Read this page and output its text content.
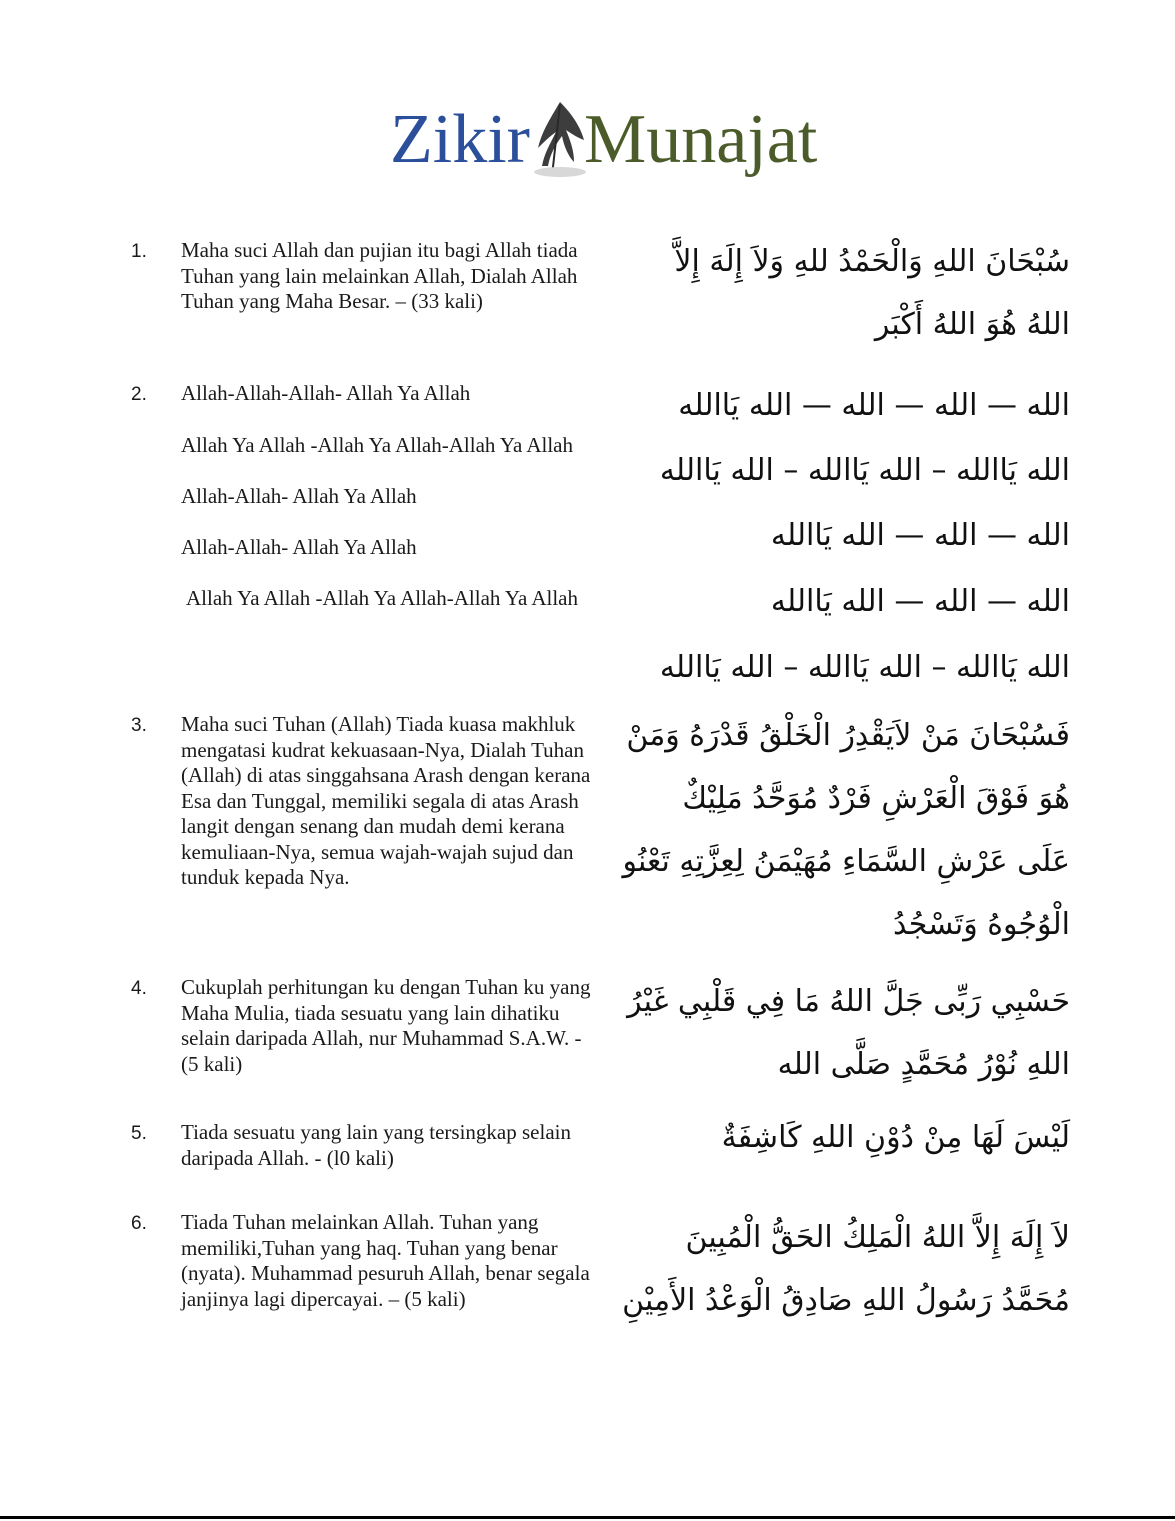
Zikir Munajat
1. Maha suci Allah dan pujian itu bagi Allah tiada Tuhan yang lain melainkan Allah, Dialah Allah Tuhan yang Maha Besar. – (33 kali)
سُبْحَانَ اللهِ وَالْحَمْدُ للهِ وَلاَ إِلَهَ إِلاَّ اللهُ هُوَ اللهُ أَكْبَر
2. Allah-Allah-Allah- Allah Ya Allah
Allah Ya Allah -Allah Ya Allah-Allah Ya Allah
Allah-Allah- Allah Ya Allah
Allah-Allah- Allah Ya Allah
Allah Ya Allah -Allah Ya Allah-Allah Ya Allah
الله — الله — الله — الله يَاالله
الله يَاالله – الله يَاالله – الله يَاالله
الله — الله — الله يَاالله
الله — الله — الله يَاالله
الله يَاالله – الله يَاالله – الله يَاالله
3. Maha suci Tuhan (Allah) Tiada kuasa makhluk mengatasi kudrat kekuasaan-Nya, Dialah Tuhan (Allah) di atas singgahsana Arash dengan kerana Esa dan Tunggal, memiliki segala di atas Arash langit dengan senang dan mudah demi kerana kemuliaan-Nya, semua wajah-wajah sujud dan tunduk kepada Nya.
فَسُبْحَانَ مَنْ لاَيَقْدِرُ الْخَلْقُ قَدْرَهُ وَمَنْ هُوَ فَوْقَ الْعَرْشِ فَرْدٌ مُوَحَّدُ مَلِيْكٌ عَلَى عَرْشِ السَّمَاءِ مُهَيْمَنُ لِعِزَّتِهِ تَعْنُو الْوُجُوهُ وَتَسْجُدُ
4. Cukuplah perhitungan ku dengan Tuhan ku yang Maha Mulia, tiada sesuatu yang lain dihatiku selain daripada Allah, nur Muhammad S.A.W. - (5 kali)
حَسْبِي رَبِّى جَلَّ اللهُ مَا فِي قَلْبِي غَيْرُ اللهِ نُوْرُ مُحَمَّدٍ صَلَّى الله
5. Tiada sesuatu yang lain yang tersingkap selain daripada Allah. - (l0 kali)
لَيْسَ لَهَا مِنْ دُوْنِ اللهِ كَاشِفَةٌ
6. Tiada Tuhan melainkan Allah. Tuhan yang memiliki,Tuhan yang haq. Tuhan yang benar (nyata). Muhammad pesuruh Allah, benar segala janjinya lagi dipercayai. – (5 kali)
لاَ إِلَهَ إِلاَّ اللهُ الْمَلِكُ الحَقُّ الْمُبِينَ مُحَمَّدُ رَسُولُ اللهِ صَادِقُ الْوَعْدُ الأَمِيْنِ
